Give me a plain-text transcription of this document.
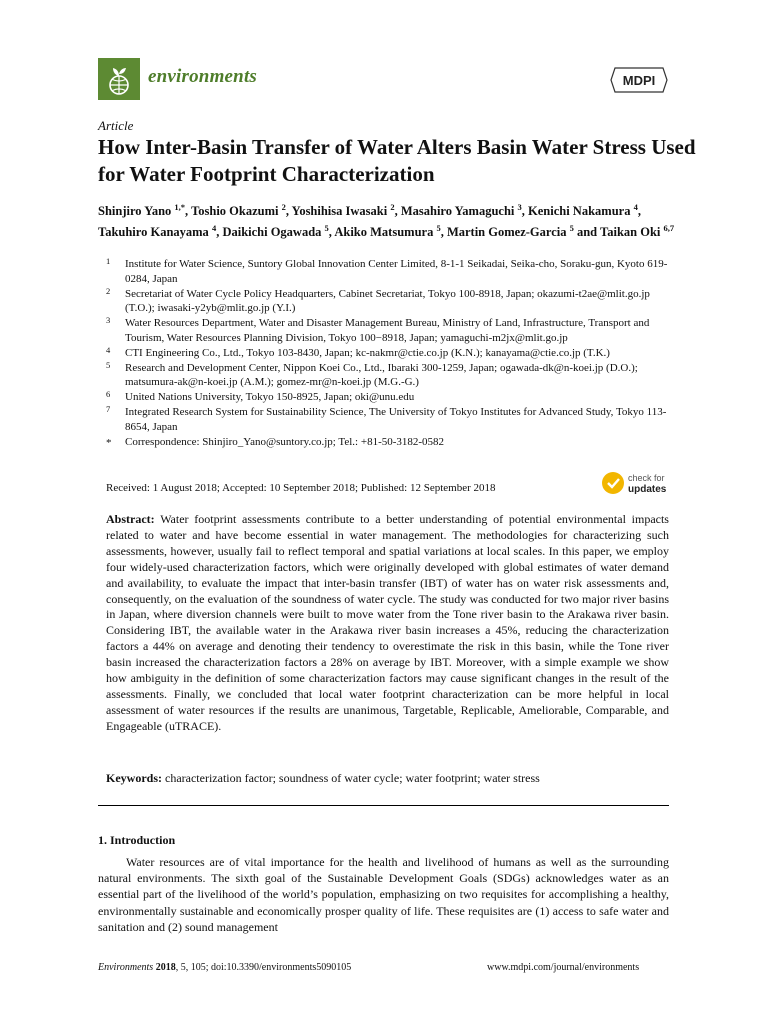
environments	MDPI
Article
How Inter-Basin Transfer of Water Alters Basin Water Stress Used for Water Footprint Characterization
Shinjiro Yano $^{1,*}$, Toshio Okazumi $^2$, Yoshihisa Iwasaki $^2$, Masahiro Yamaguchi $^3$, Kenichi Nakamura $^4$, Takuhiro Kanayama $^4$, Daikichi Ogawada $^5$, Akiko Matsumura $^5$, Martin Gomez-Garcia $^5$ and Taikan Oki $^{6,7}$
1 Institute for Water Science, Suntory Global Innovation Center Limited, 8-1-1 Seikadai, Seika-cho, Soraku-gun, Kyoto 619-0284, Japan
2 Secretariat of Water Cycle Policy Headquarters, Cabinet Secretariat, Tokyo 100-8918, Japan; okazumi-t2ae@mlit.go.jp (T.O.); iwasaki-y2yb@mlit.go.jp (Y.I.)
3 Water Resources Department, Water and Disaster Management Bureau, Ministry of Land, Infrastructure, Transport and Tourism, Water Resources Planning Division, Tokyo 100−8918, Japan; yamaguchi-m2jx@mlit.go.jp
4 CTI Engineering Co., Ltd., Tokyo 103-8430, Japan; kc-nakmr@ctie.co.jp (K.N.); kanayama@ctie.co.jp (T.K.)
5 Research and Development Center, Nippon Koei Co., Ltd., Ibaraki 300-1259, Japan; ogawada-dk@n-koei.jp (D.O.); matsumura-ak@n-koei.jp (A.M.); gomez-mr@n-koei.jp (M.G.-G.)
6 United Nations University, Tokyo 150-8925, Japan; oki@unu.edu
7 Integrated Research System for Sustainability Science, The University of Tokyo Institutes for Advanced Study, Tokyo 113-8654, Japan
* Correspondence: Shinjiro_Yano@suntory.co.jp; Tel.: +81-50-3182-0582
Received: 1 August 2018; Accepted: 10 September 2018; Published: 12 September 2018
check for
updates
Abstract: Water footprint assessments contribute to a better understanding of potential environmental impacts related to water and have become essential in water management. The methodologies for characterizing such assessments, however, usually fail to reflect temporal and spatial variations at local scales. In this paper, we employ four widely-used characterization factors, which were originally developed with global estimates of water demand and availability, to evaluate the impact that inter-basin transfer (IBT) of water has on water risk assessments and, consequently, on the evaluation of the soundness of water cycle. The study was conducted for two major river basins in Japan, where diversion channels were built to move water from the Tone river basin to the Arakawa river basin. Considering IBT, the available water in the Arakawa river basin increases a 45%, reducing the characterization factors a 44% on average and denoting their tendency to overestimate the risk in this basin, while the Tone river basin increased the characterization factors a 28% on average by IBT. Moreover, with a simple example we show how ambiguity in the definition of some characterization factors may cause significant changes in the result of the assessments. Finally, we concluded that local water footprint characterization can be more helpful in local assessment of water resources if the results are unanimous, Targetable, Replicable, Ameliorable, Comparable, and Engageable (uTRACE).
Keywords: characterization factor; soundness of water cycle; water footprint; water stress
1. Introduction
Water resources are of vital importance for the health and livelihood of humans as well as the surrounding natural environments. The sixth goal of the Sustainable Development Goals (SDGs) acknowledges water as an essential part of the livelihood of the world’s population, emphasizing on two requisites for accomplishing a healthy, environmentally sustainable and economically prosper quality of life. These requisites are (1) access to safe water and sanitation and (2) sound management
Environments 2018, 5, 105; doi:10.3390/environments5090105	www.mdpi.com/journal/environments
